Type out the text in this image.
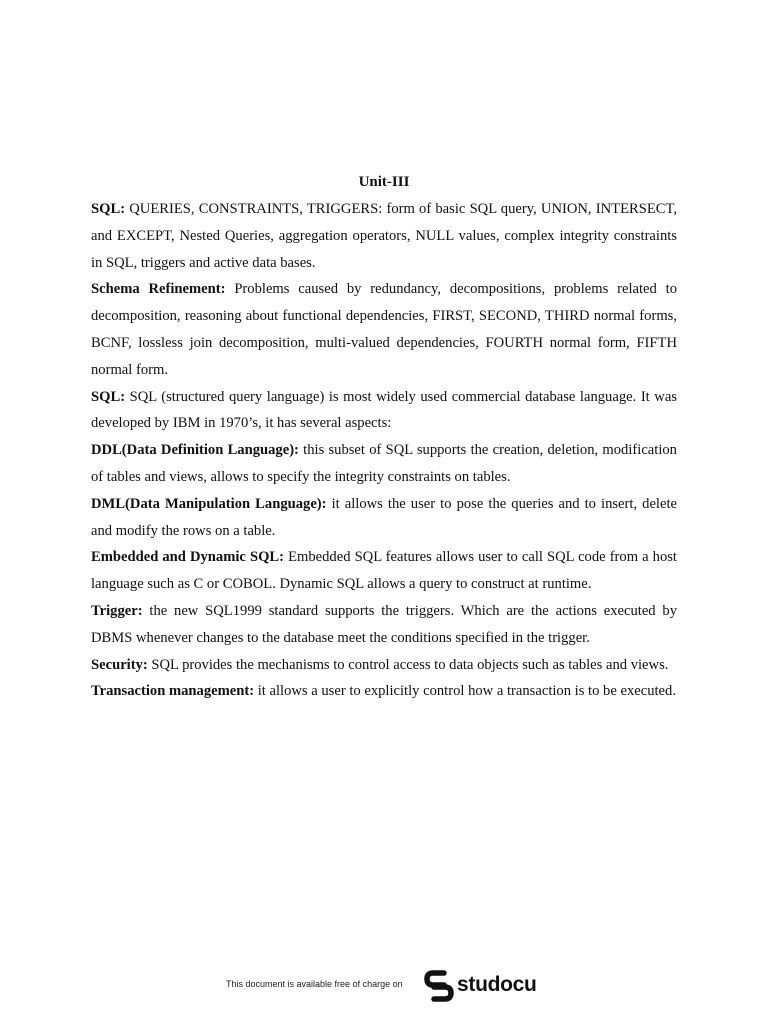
Unit-III

SQL: QUERIES, CONSTRAINTS, TRIGGERS: form of basic SQL query, UNION, INTERSECT, and EXCEPT, Nested Queries, aggregation operators, NULL values, complex integrity constraints in SQL, triggers and active data bases.

Schema Refinement: Problems caused by redundancy, decompositions, problems related to decomposition, reasoning about functional dependencies, FIRST, SECOND, THIRD normal forms, BCNF, lossless join decomposition, multi-valued dependencies, FOURTH normal form, FIFTH normal form.

SQL: SQL (structured query language) is most widely used commercial database language. It was developed by IBM in 1970’s, it has several aspects:

DDL(Data Definition Language): this subset of SQL supports the creation, deletion, modification of tables and views, allows to specify the integrity constraints on tables.

DML(Data Manipulation Language): it allows the user to pose the queries and to insert, delete and modify the rows on a table.

Embedded and Dynamic SQL: Embedded SQL features allows user to call SQL code from a host language such as C or COBOL. Dynamic SQL allows a query to construct at runtime.

Trigger: the new SQL1999 standard supports the triggers. Which are the actions executed by DBMS whenever changes to the database meet the conditions specified in the trigger.

Security: SQL provides the mechanisms to control access to data objects such as tables and views.

Transaction management: it allows a user to explicitly control how a transaction is to be executed.

This document is available free of charge on	studocu
